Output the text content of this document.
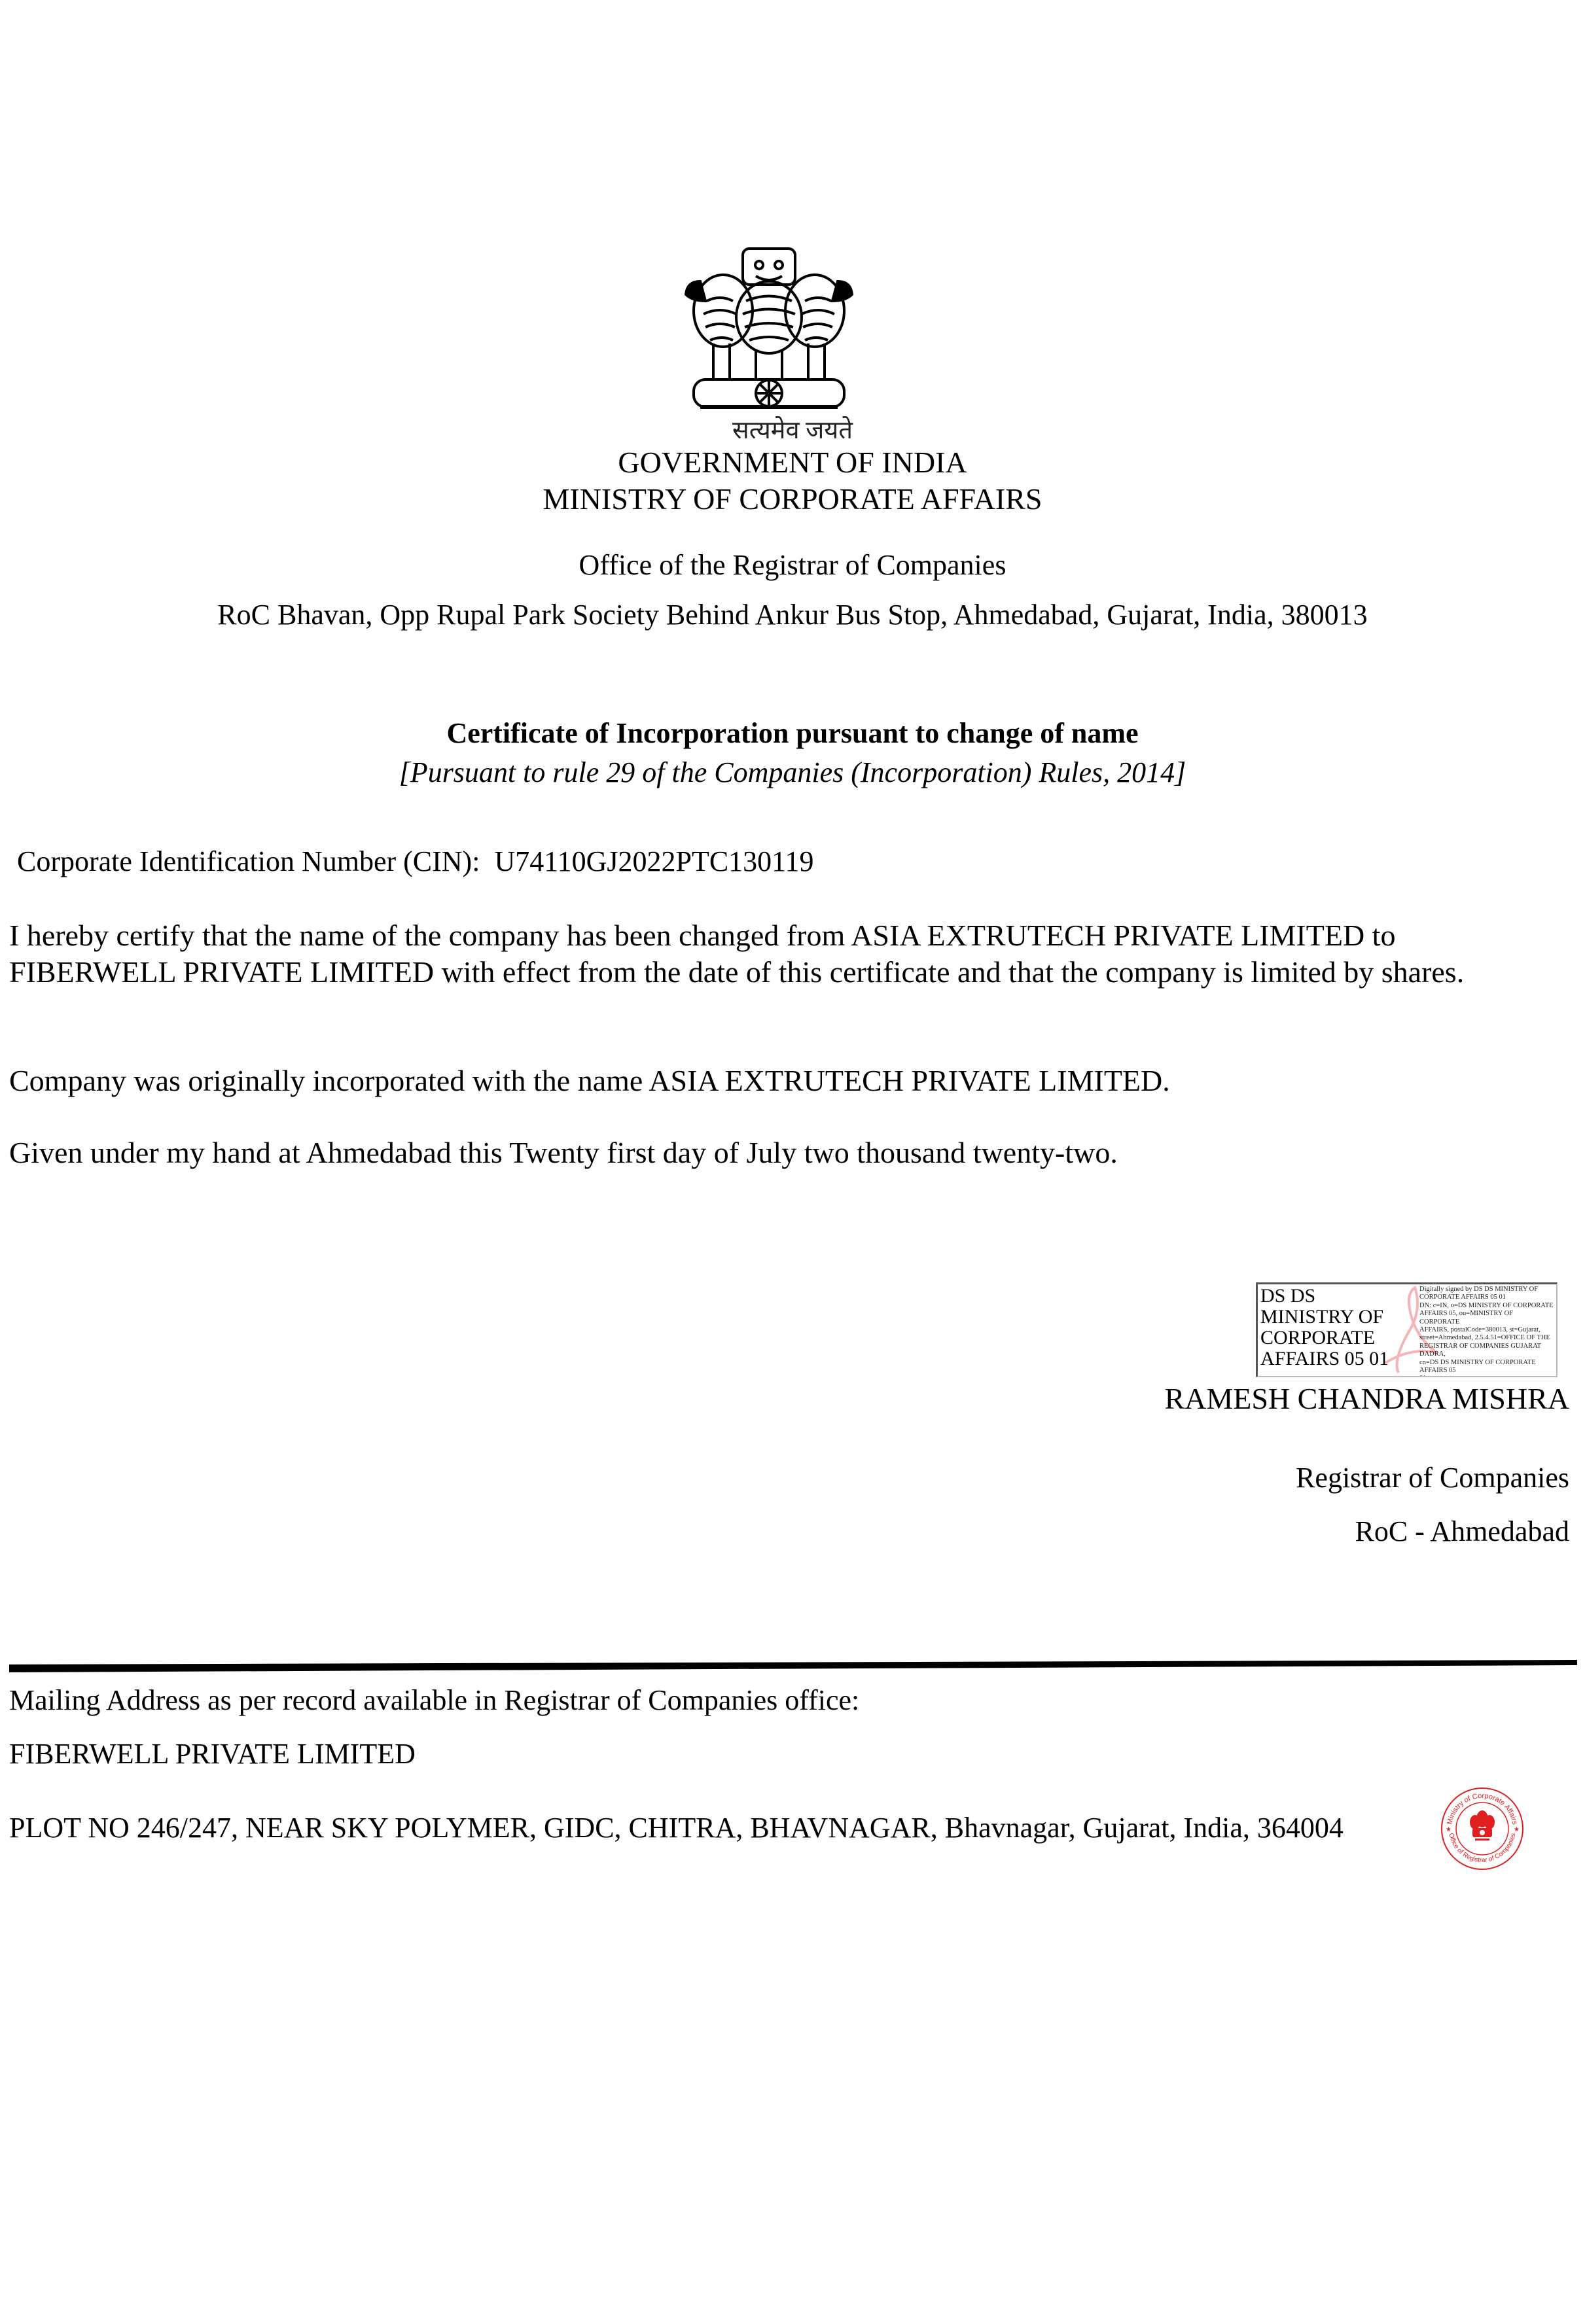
सत्यमेव जयते
GOVERNMENT OF INDIA
MINISTRY OF CORPORATE AFFAIRS
Office of the Registrar of Companies
RoC Bhavan, Opp Rupal Park Society Behind Ankur Bus Stop, Ahmedabad, Gujarat, India, 380013
Certificate of Incorporation pursuant to change of name
[Pursuant to rule 29 of the Companies (Incorporation) Rules, 2014]
Corporate Identification Number (CIN): U74110GJ2022PTC130119
I hereby certify that the name of the company has been changed from ASIA EXTRUTECH PRIVATE LIMITED to FIBERWELL PRIVATE LIMITED with effect from the date of this certificate and that the company is limited by shares.
Company was originally incorporated with the name ASIA EXTRUTECH PRIVATE LIMITED.
Given under my hand at Ahmedabad this Twenty first day of July two thousand twenty-two.
DS DS
MINISTRY OF
CORPORATE
AFFAIRS 05 01
Digitally signed by DS DS MINISTRY OF
CORPORATE AFFAIRS 05 01
DN: c=IN, o=DS MINISTRY OF CORPORATE
AFFAIRS 05, ou=MINISTRY OF CORPORATE
AFFAIRS, postalCode=380013, st=Gujarat,
street=Ahmedabad, 2.5.4.51=OFFICE OF THE
REGISTRAR OF COMPANIES GUJARAT DADRA,
cn=DS DS MINISTRY OF CORPORATE AFFAIRS 05

RAMESH CHANDRA MISHRA
Registrar of Companies
RoC - Ahmedabad
Mailing Address as per record available in Registrar of Companies office:
FIBERWELL PRIVATE LIMITED
PLOT NO 246/247, NEAR SKY POLYMER, GIDC, CHITRA, BHAVNAGAR, Bhavnagar, Gujarat, India, 364004	Ministry of Corporate Affairs
Office of Registrar of Companies
★	★
